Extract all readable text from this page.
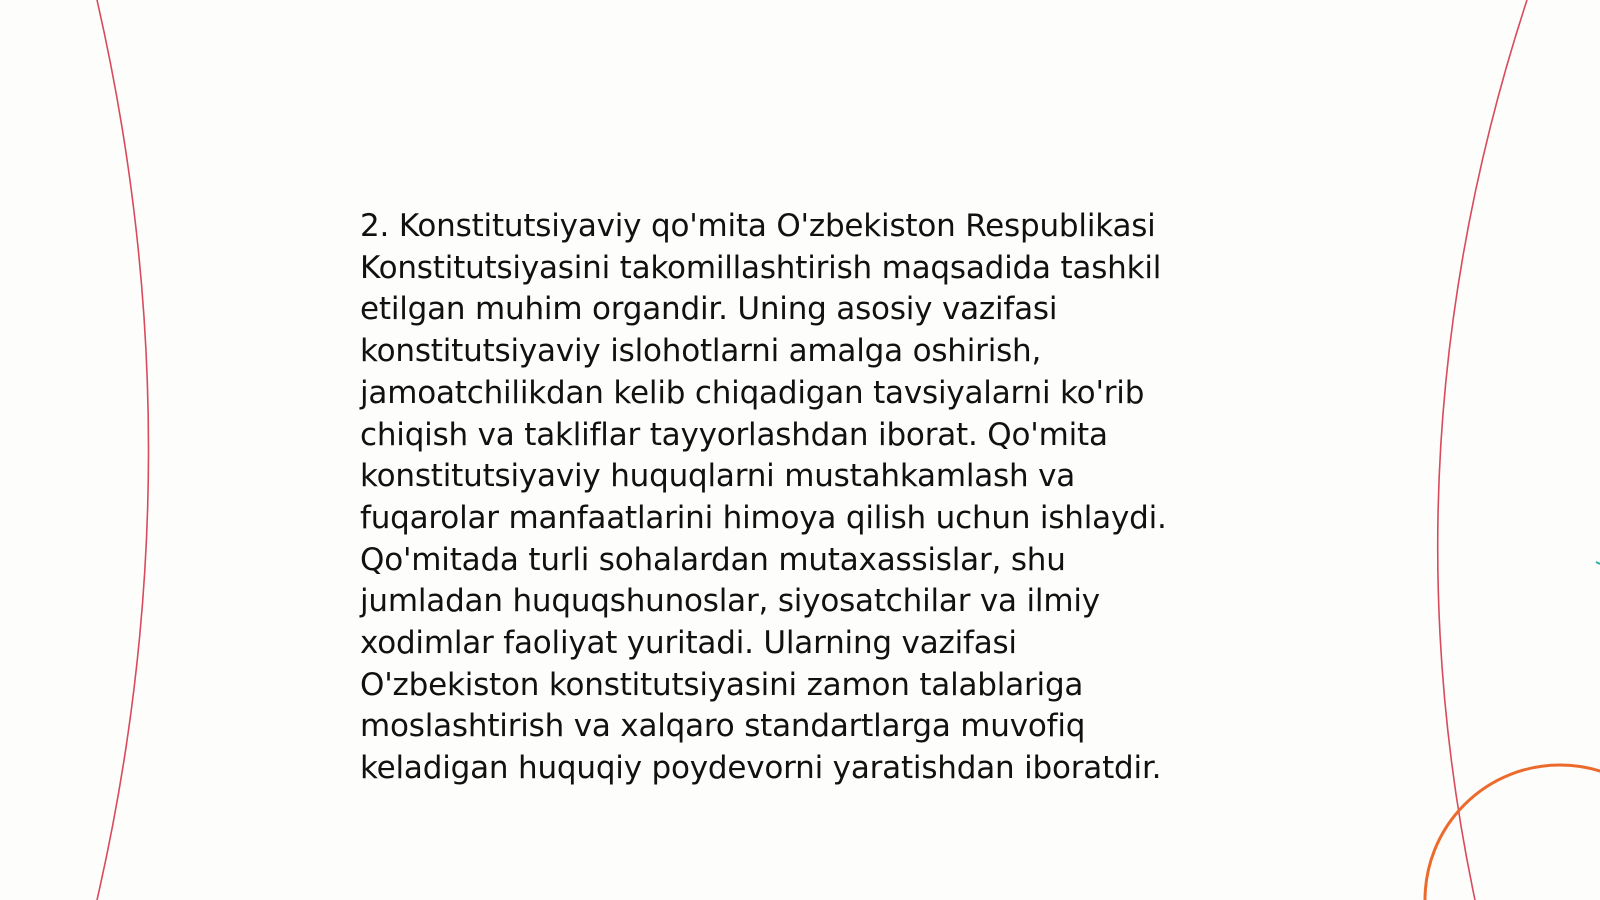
2. Konstitutsiyaviy qo'mita O'zbekiston Respublikasi
Konstitutsiyasini takomillashtirish maqsadida tashkil
etilgan muhim organdir. Uning asosiy vazifasi
konstitutsiyaviy islohotlarni amalga oshirish,
jamoatchilikdan kelib chiqadigan tavsiyalarni ko'rib
chiqish va takliflar tayyorlashdan iborat. Qo'mita
konstitutsiyaviy huquqlarni mustahkamlash va
fuqarolar manfaatlarini himoya qilish uchun ishlaydi.
Qo'mitada turli sohalardan mutaxassislar, shu
jumladan huquqshunoslar, siyosatchilar va ilmiy
xodimlar faoliyat yuritadi. Ularning vazifasi
O'zbekiston konstitutsiyasini zamon talablariga
moslashtirish va xalqaro standartlarga muvofiq
keladigan huquqiy poydevorni yaratishdan iboratdir.
